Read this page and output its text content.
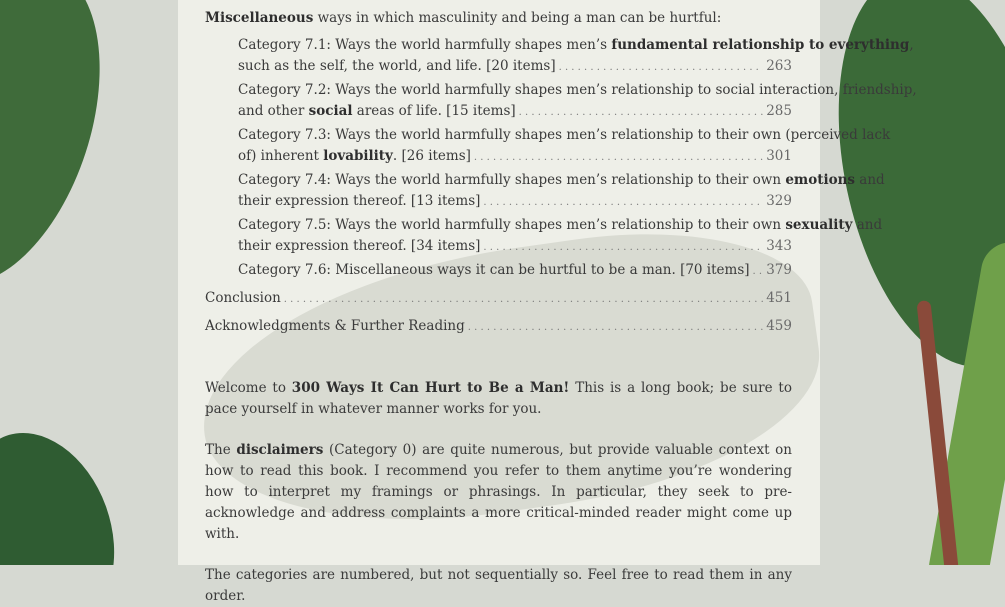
Miscellaneous ways in which masculinity and being a man can be hurtful:

Category 7.1: Ways the world harmfully shapes men’s fundamental relationship to everything,
such as the self, the world, and life. [20 items] . . .	263
Category 7.2: Ways the world harmfully shapes men’s relationship to social interaction, friendship,
and other social areas of life. [15 items] . . .	285
Category 7.3: Ways the world harmfully shapes men’s relationship to their own (perceived lack
of) inherent lovability. [26 items] . . .	301
Category 7.4: Ways the world harmfully shapes men’s relationship to their own emotions and
their expression thereof. [13 items] . . .	329
Category 7.5: Ways the world harmfully shapes men’s relationship to their own sexuality and
their expression thereof. [34 items] . . .	343
Category 7.6: Miscellaneous ways it can be hurtful to be a man. [70 items] . . . 379
Conclusion . . .	451
Acknowledgments & Further Reading . . .	459

Welcome to 300 Ways It Can Hurt to Be a Man! This is a long book; be sure to pace yourself in whatever manner works for you.

The disclaimers (Category 0) are quite numerous, but provide valuable context on how to read this book. I recommend you refer to them anytime you’re wondering how to interpret my framings or phrasings. In particular, they seek to pre-acknowledge and address complaints a more critical-minded reader might come up with.

The categories are numbered, but not sequentially so. Feel free to read them in any order.
